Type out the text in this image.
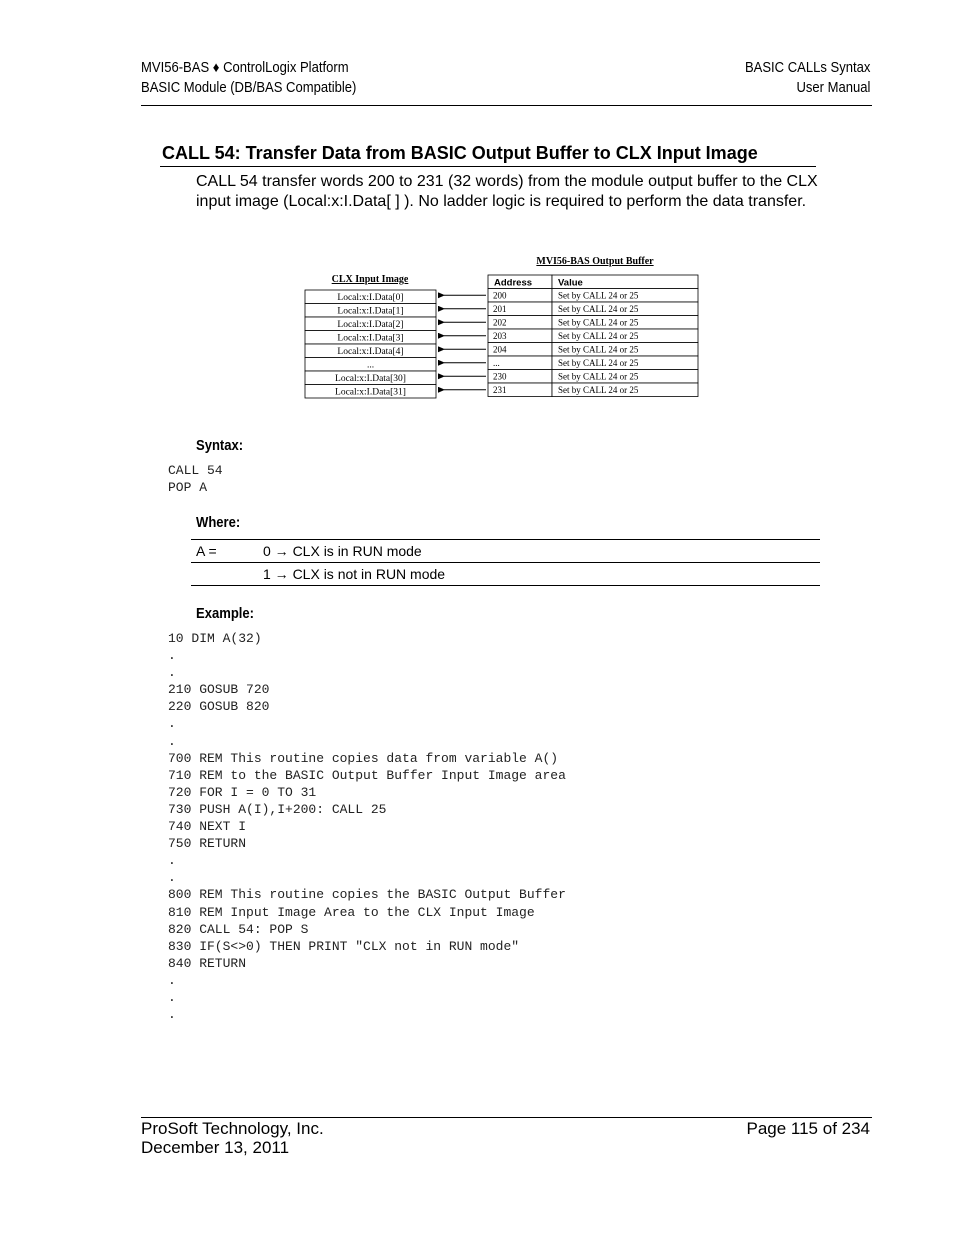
MVI56-BAS ♦ ControlLogix Platform
BASIC Module (DB/BAS Compatible)
BASIC CALLs Syntax
User Manual
CALL 54: Transfer Data from BASIC Output Buffer to CLX Input Image
CALL 54 transfer words 200 to 231 (32 words) from the module output buffer to the CLX input image (Local:x:I.Data[ ] ). No ladder logic is required to perform the data transfer.
CLX Input Image
MVI56-BAS Output Buffer
Local:x:I.Data[0]
Local:x:I.Data[1]
Local:x:I.Data[2]
Local:x:I.Data[3]
Local:x:I.Data[4]
...
Local:x:I.Data[30]
Local:x:I.Data[31]
Address	Value
200	Set by CALL 24 or 25
201	Set by CALL 24 or 25
202	Set by CALL 24 or 25
203	Set by CALL 24 or 25
204	Set by CALL 24 or 25
...	Set by CALL 24 or 25
230	Set by CALL 24 or 25
231	Set by CALL 24 or 25
Syntax:
CALL 54
POP A
Where:
A =	0 → CLX is in RUN mode
	1 → CLX is not in RUN mode
Example:
10 DIM A(32)
.
.
210 GOSUB 720
220 GOSUB 820
.
.
700 REM This routine copies data from variable A()
710 REM to the BASIC Output Buffer Input Image area
720 FOR I = 0 TO 31
730 PUSH A(I),I+200: CALL 25
740 NEXT I
750 RETURN
.
.
800 REM This routine copies the BASIC Output Buffer
810 REM Input Image Area to the CLX Input Image
820 CALL 54: POP S
830 IF(S<>0) THEN PRINT "CLX not in RUN mode"
840 RETURN
.
.
.
ProSoft Technology, Inc.
December 13, 2011
Page 115 of 234
